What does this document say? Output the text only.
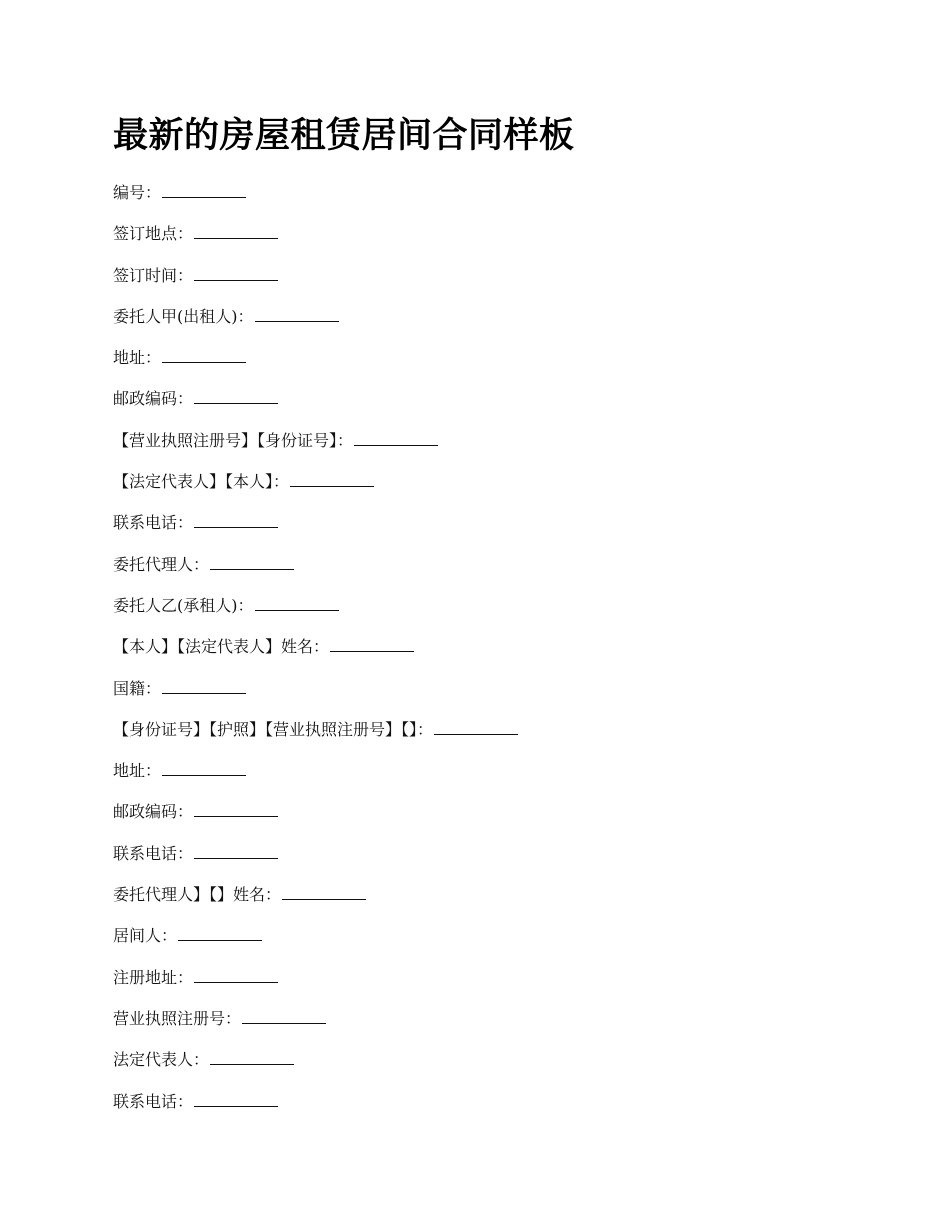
最新的房屋租赁居间合同样板
编号：
签订地点：
签订时间：
委托人甲(出租人)：
地址：
邮政编码：
【营业执照注册号】【身份证号】：
【法定代表人】【本人】：
联系电话：
委托代理人：
委托人乙(承租人)：
【本人】【法定代表人】姓名：
国籍：
【身份证号】【护照】【营业执照注册号】【】：
地址：
邮政编码：
联系电话：
委托代理人】【】姓名：
居间人：
注册地址：
营业执照注册号：
法定代表人：
联系电话：
